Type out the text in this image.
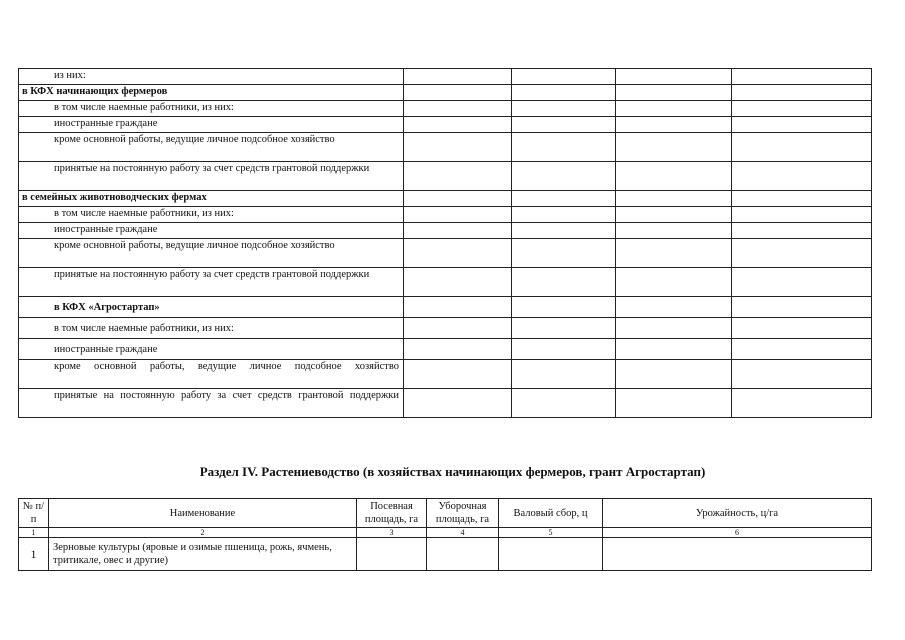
из них:				
в КФХ начинающих фермеров				
в том числе наемные работники, из них:				
иностранные граждане				
кроме основной работы, ведущие личное подсобное хозяйство				
принятые на постоянную работу за счет средств грантовой поддержки				
в семейных животноводческих фермах				
в том числе наемные работники, из них:				
иностранные граждане				
кроме основной работы, ведущие личное подсобное хозяйство				
принятые на постоянную работу за счет средств грантовой поддержки				
в КФХ «Агростартап»				
в том числе наемные работники, из них:				
иностранные граждане				
кроме основной работы, ведущие личное подсобное хозяйство				
принятые на постоянную работу за счет средств грантовой поддержки				
Раздел IV. Растениеводство (в хозяйствах начинающих фермеров, грант Агростартап)
№ п/п	Наименование	Посевная площадь, га	Уборочная площадь, га	Валовый сбор, ц	Урожайность, ц/га
1	2	3	4	5	6
1	Зерновые культуры (яровые и озимые пшеница, рожь, ячмень, тритикале, овес и другие)				
